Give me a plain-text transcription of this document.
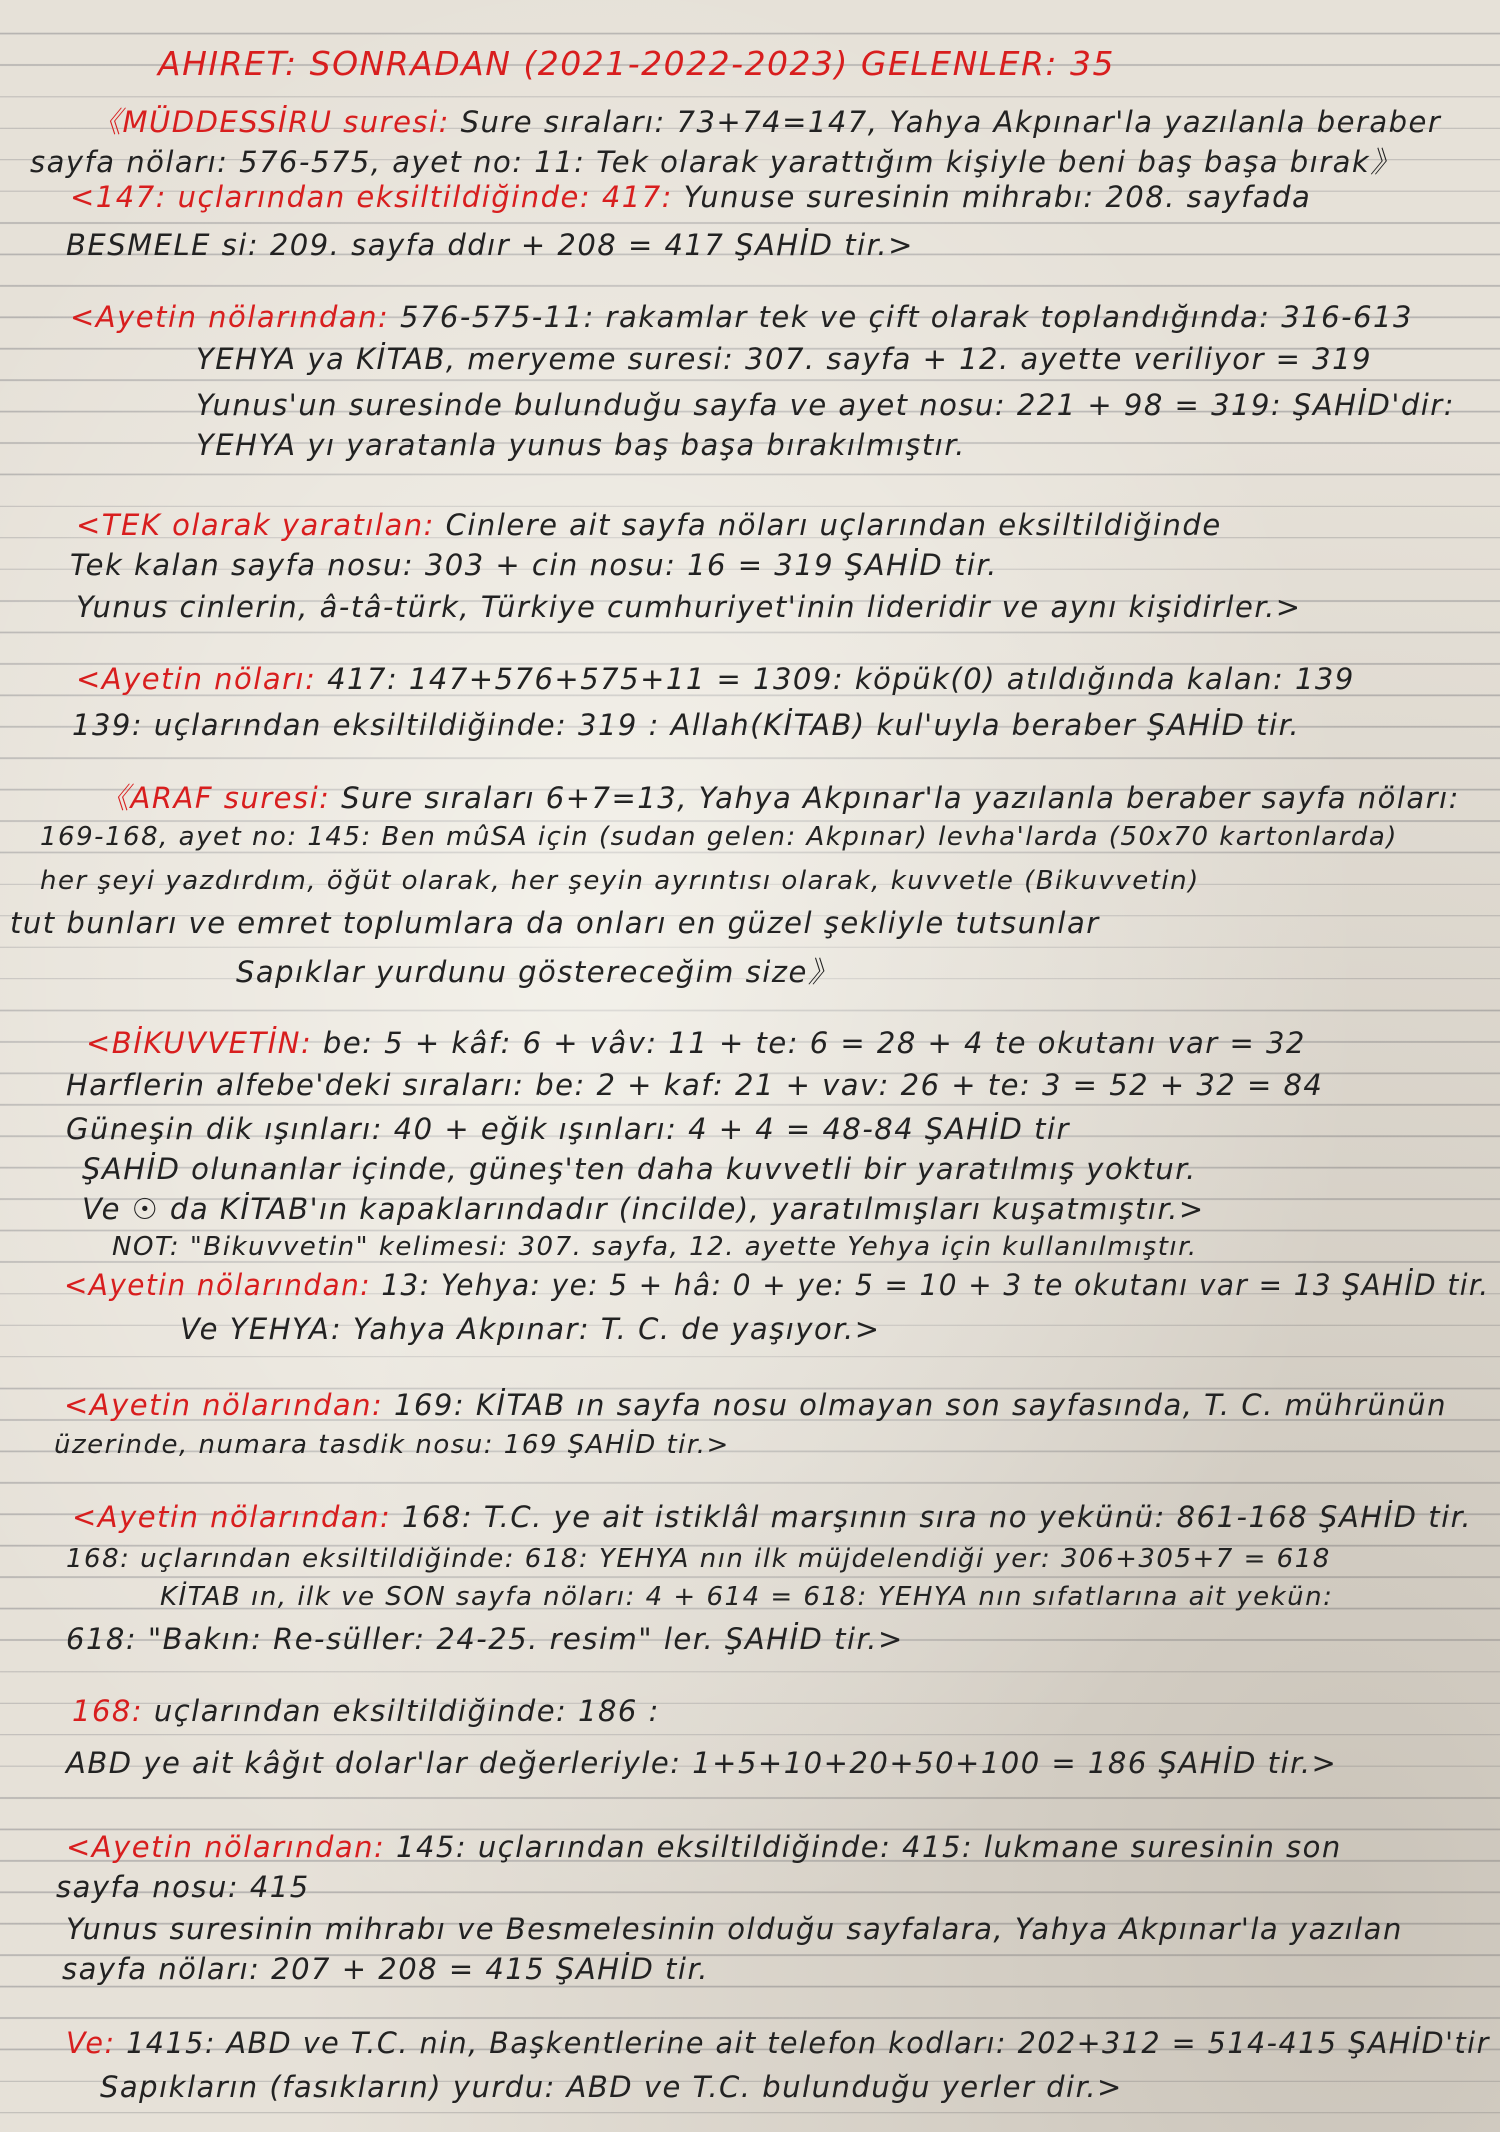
AHIRET: SONRADAN (2021-2022-2023) GELENLER: 35
《MÜDDESSİRU suresi: Sure sıraları: 73+74=147, Yahya Akpınar'la yazılanla beraber
sayfa nöları: 576-575, ayet no: 11: Tek olarak yarattığım kişiyle beni baş başa bırak》
<147: uçlarından eksiltildiğinde: 417: Yunuse suresinin mihrabı: 208. sayfada
BESMELE si: 209. sayfa ddır + 208 = 417 ŞAHİD tir.>
<Ayetin nölarından: 576-575-11: rakamlar tek ve çift olarak toplandığında: 316-613
YEHYA ya KİTAB, meryeme suresi: 307. sayfa + 12. ayette veriliyor = 319
Yunus'un suresinde bulunduğu sayfa ve ayet nosu: 221 + 98 = 319: ŞAHİD'dir:
YEHYA yı yaratanla yunus baş başa bırakılmıştır.
<TEK olarak yaratılan: Cinlere ait sayfa nöları uçlarından eksiltildiğinde
Tek kalan sayfa nosu: 303 + cin nosu: 16 = 319 ŞAHİD tir.
Yunus cinlerin, â-tâ-türk, Türkiye cumhuriyet'inin lideridir ve aynı kişidirler.>
<Ayetin nöları: 417: 147+576+575+11 = 1309: köpük(0) atıldığında kalan: 139
139: uçlarından eksiltildiğinde: 319 : Allah(KİTAB) kul'uyla beraber ŞAHİD tir.
《ARAF suresi: Sure sıraları 6+7=13, Yahya Akpınar'la yazılanla beraber sayfa nöları:
169-168, ayet no: 145: Ben mûSA için (sudan gelen: Akpınar) levha'larda (50x70 kartonlarda)
her şeyi yazdırdım, öğüt olarak, her şeyin ayrıntısı olarak, kuvvetle (Bikuvvetin)
tut bunları ve emret toplumlara da onları en güzel şekliyle tutsunlar
Sapıklar yurdunu göstereceğim size》
<BİKUVVETİN: be: 5 + kâf: 6 + vâv: 11 + te: 6 = 28 + 4 te okutanı var = 32
Harflerin alfebe'deki sıraları: be: 2 + kaf: 21 + vav: 26 + te: 3 = 52 + 32 = 84
Güneşin dik ışınları: 40 + eğik ışınları: 4 + 4 = 48-84 ŞAHİD tir
ŞAHİD olunanlar içinde, güneş'ten daha kuvvetli bir yaratılmış yoktur.
Ve ☉ da KİTAB'ın kapaklarındadır (incilde), yaratılmışları kuşatmıştır.>
NOT: "Bikuvvetin" kelimesi: 307. sayfa, 12. ayette Yehya için kullanılmıştır.
<Ayetin nölarından: 13: Yehya: ye: 5 + hâ: 0 + ye: 5 = 10 + 3 te okutanı var = 13 ŞAHİD tir.
Ve YEHYA: Yahya Akpınar: T. C. de yaşıyor.>
<Ayetin nölarından: 169: KİTAB ın sayfa nosu olmayan son sayfasında, T. C. mührünün
üzerinde, numara tasdik nosu: 169 ŞAHİD tir.>
<Ayetin nölarından: 168: T.C. ye ait istiklâl marşının sıra no yekünü: 861-168 ŞAHİD tir.
168: uçlarından eksiltildiğinde: 618: YEHYA nın ilk müjdelendiği yer: 306+305+7 = 618
KİTAB ın, ilk ve SON sayfa nöları: 4 + 614 = 618: YEHYA nın sıfatlarına ait yekün:
618: "Bakın: Re-süller: 24-25. resim" ler. ŞAHİD tir.>
168: uçlarından eksiltildiğinde: 186 :
ABD ye ait kâğıt dolar'lar değerleriyle: 1+5+10+20+50+100 = 186 ŞAHİD tir.>
<Ayetin nölarından: 145: uçlarından eksiltildiğinde: 415: lukmane suresinin son
sayfa nosu: 415
Yunus suresinin mihrabı ve Besmelesinin olduğu sayfalara, Yahya Akpınar'la yazılan
sayfa nöları: 207 + 208 = 415 ŞAHİD tir.
Ve: 1415: ABD ve T.C. nin, Başkentlerine ait telefon kodları: 202+312 = 514-415 ŞAHİD'tir
Sapıkların (fasıkların) yurdu: ABD ve T.C. bulunduğu yerler dir.>
